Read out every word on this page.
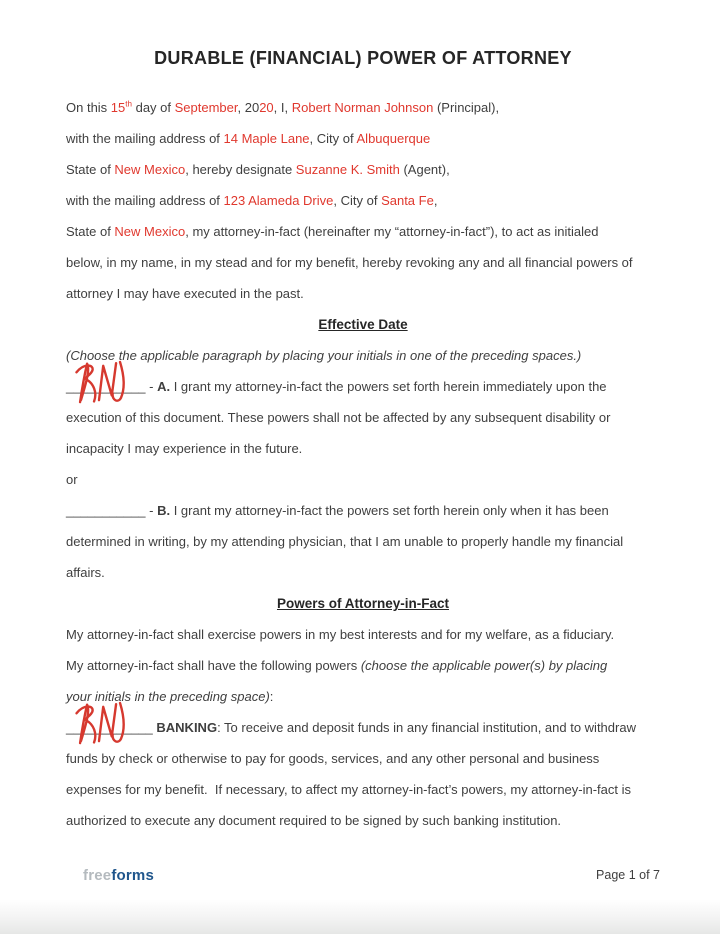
DURABLE (FINANCIAL) POWER OF ATTORNEY
On this 15th day of September, 2020, I, Robert Norman Johnson (Principal),
with the mailing address of 14 Maple Lane, City of Albuquerque
State of New Mexico, hereby designate Suzanne K. Smith (Agent),
with the mailing address of 123 Alameda Drive, City of Santa Fe,
State of New Mexico, my attorney-in-fact (hereinafter my “attorney-in-fact”), to act as initialed
below, in my name, in my stead and for my benefit, hereby revoking any and all financial powers of
attorney I may have executed in the past.
Effective Date
(Choose the applicable paragraph by placing your initials in one of the preceding spaces.)
___________
- A. I grant my attorney-in-fact the powers set forth herein immediately upon the
execution of this document. These powers shall not be affected by any subsequent disability or
incapacity I may experience in the future.
or
___________ - B. I grant my attorney-in-fact the powers set forth herein only when it has been
determined in writing, by my attending physician, that I am unable to properly handle my financial
affairs.
Powers of Attorney-in-Fact
My attorney-in-fact shall exercise powers in my best interests and for my welfare, as a fiduciary.
My attorney-in-fact shall have the following powers (choose the applicable power(s) by placing
your initials in the preceding space):
____________ BANKING: To receive and deposit funds in any financial institution, and to withdraw
funds by check or otherwise to pay for goods, services, and any other personal and business
expenses for my benefit.  If necessary, to affect my attorney-in-fact’s powers, my attorney-in-fact is
authorized to execute any document required to be signed by such banking institution.
freeforms	Page 1 of 7
